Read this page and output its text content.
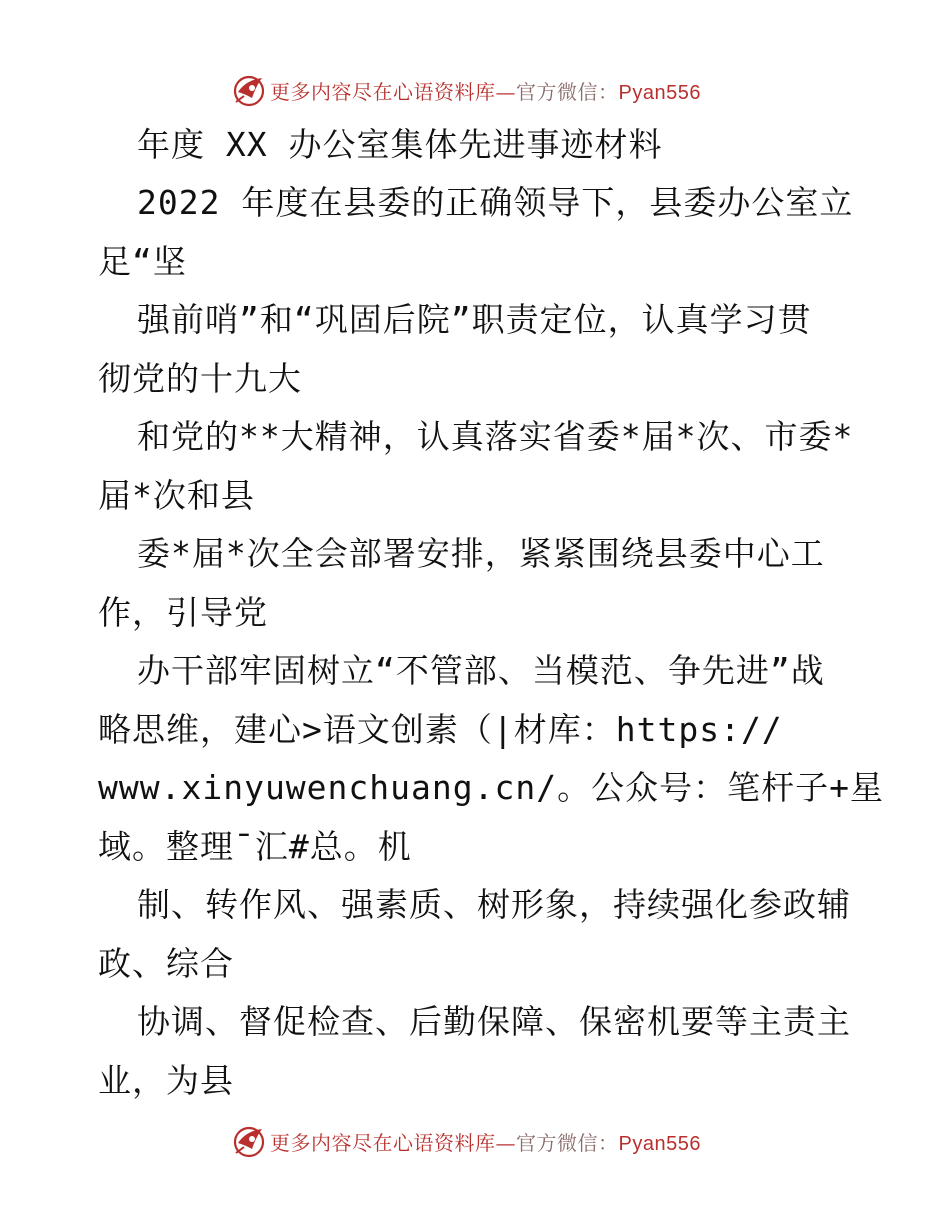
更多内容尽在心语资料库—官方微信：Pyan556
年度 XX 办公室集体先进事迹材料
2022 年度在县委的正确领导下，县委办公室立
足“坚
强前哨”和“巩固后院”职责定位，认真学习贯
彻党的十九大
和党的**大精神，认真落实省委*届*次、市委*
届*次和县
委*届*次全会部署安排，紧紧围绕县委中心工
作，引导党
办干部牢固树立“不管部、当模范、争先进”战
略思维，建心>语文创素（|材库：https://
www.xinyuwenchuang.cn/。公众号：笔杆子+星
域。整理¯汇#总。机
制、转作风、强素质、树形象，持续强化参政辅
政、综合
协调、督促检查、后勤保障、保密机要等主责主
业，为县
更多内容尽在心语资料库—官方微信：Pyan556
